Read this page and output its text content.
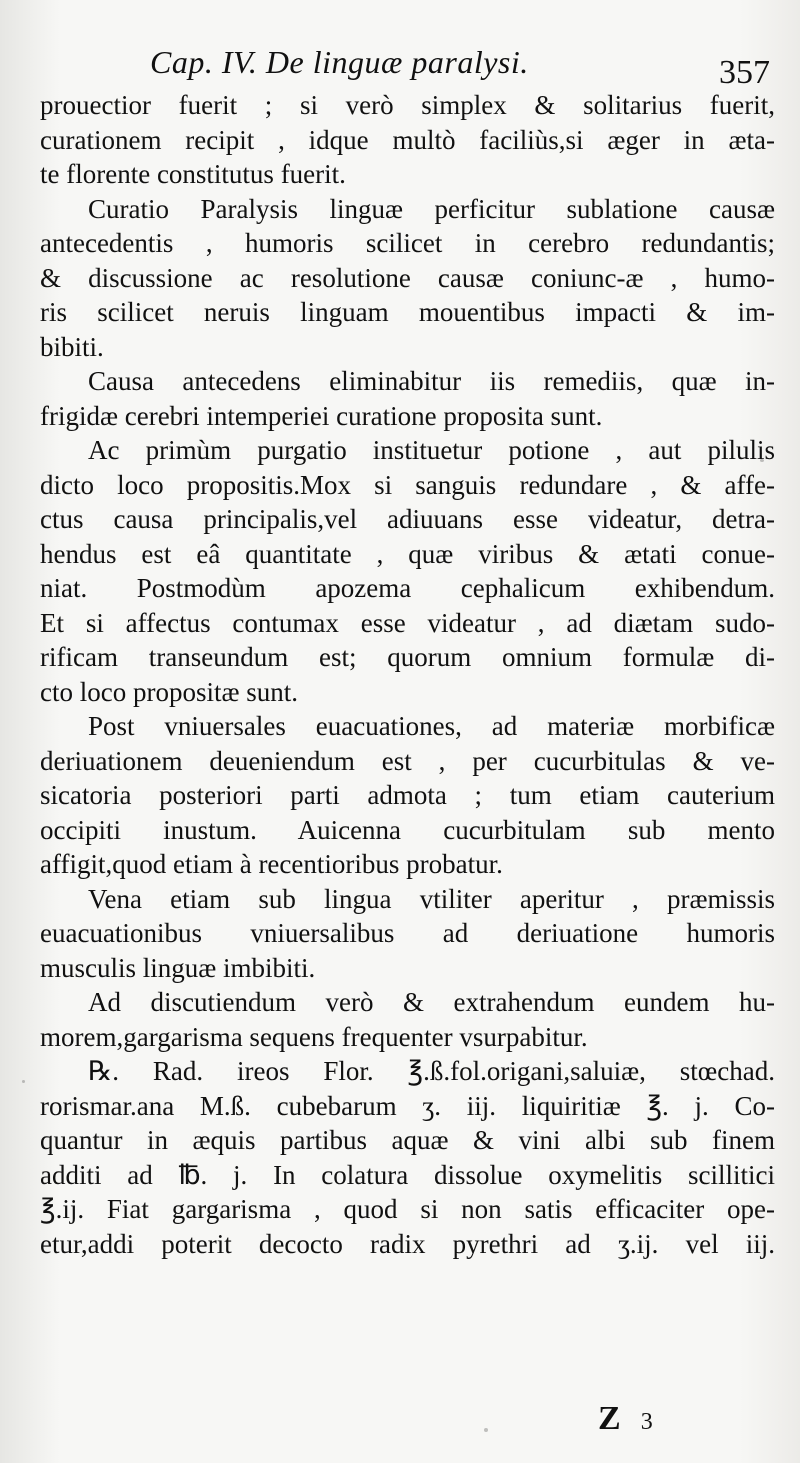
Cap. IV. De linguæ paralysi.	357
prouectior fuerit ; si verò simplex & solitarius fuerit,
curationem recipit , idque multò faciliùs,si æger in æta-
te florente constitutus fuerit.
Curatio Paralysis linguæ perficitur sublatione causæ
antecedentis , humoris scilicet in cerebro redundantis;
& discussione ac resolutione causæ coniunc-æ , humo-
ris scilicet neruis linguam mouentibus impacti & im-
bibiti.
Causa antecedens eliminabitur iis remediis, quæ in-
frigidæ cerebri intemperiei curatione proposita sunt.
Ac primùm purgatio instituetur potione , aut pilulis
dicto loco propositis.Mox si sanguis redundare , & affe-
ctus causa principalis,vel adiuuans esse videatur, detra-
hendus est eâ quantitate , quæ viribus & ætati conue-
niat. Postmodùm apozema cephalicum exhibendum.
Et si affectus contumax esse videatur , ad diætam sudo-
rificam transeundum est; quorum omnium formulæ di-
cto loco propositæ sunt.
Post vniuersales euacuationes, ad materiæ morbificæ
deriuationem deueniendum est , per cucurbitulas & ve-
sicatoria posteriori parti admota ; tum etiam cauterium
occipiti inustum. Auicenna cucurbitulam sub mento
affigit,quod etiam à recentioribus probatur.
Vena etiam sub lingua vtiliter aperitur , præmissis
euacuationibus vniuersalibus ad deriuatione humoris
musculis linguæ imbibiti.
Ad discutiendum verò & extrahendum eundem hu-
morem,gargarisma sequens frequenter vsurpabitur.
℞. Rad. ireos Flor. ℥.ß.fol.origani,saluiæ, stœchad.
rorismar.ana M.ß. cubebarum ʒ. iij. liquiritiæ ℥. j. Co-
quantur in æquis partibus aquæ & vini albi sub finem
additi ad ℔. j. In colatura dissolue oxymelitis scillitici
℥.ij. Fiat gargarisma , quod si non satis efficaciter ope-
etur,addi poterit decocto radix pyrethri ad ʒ.ij. vel iij.
Z 3
